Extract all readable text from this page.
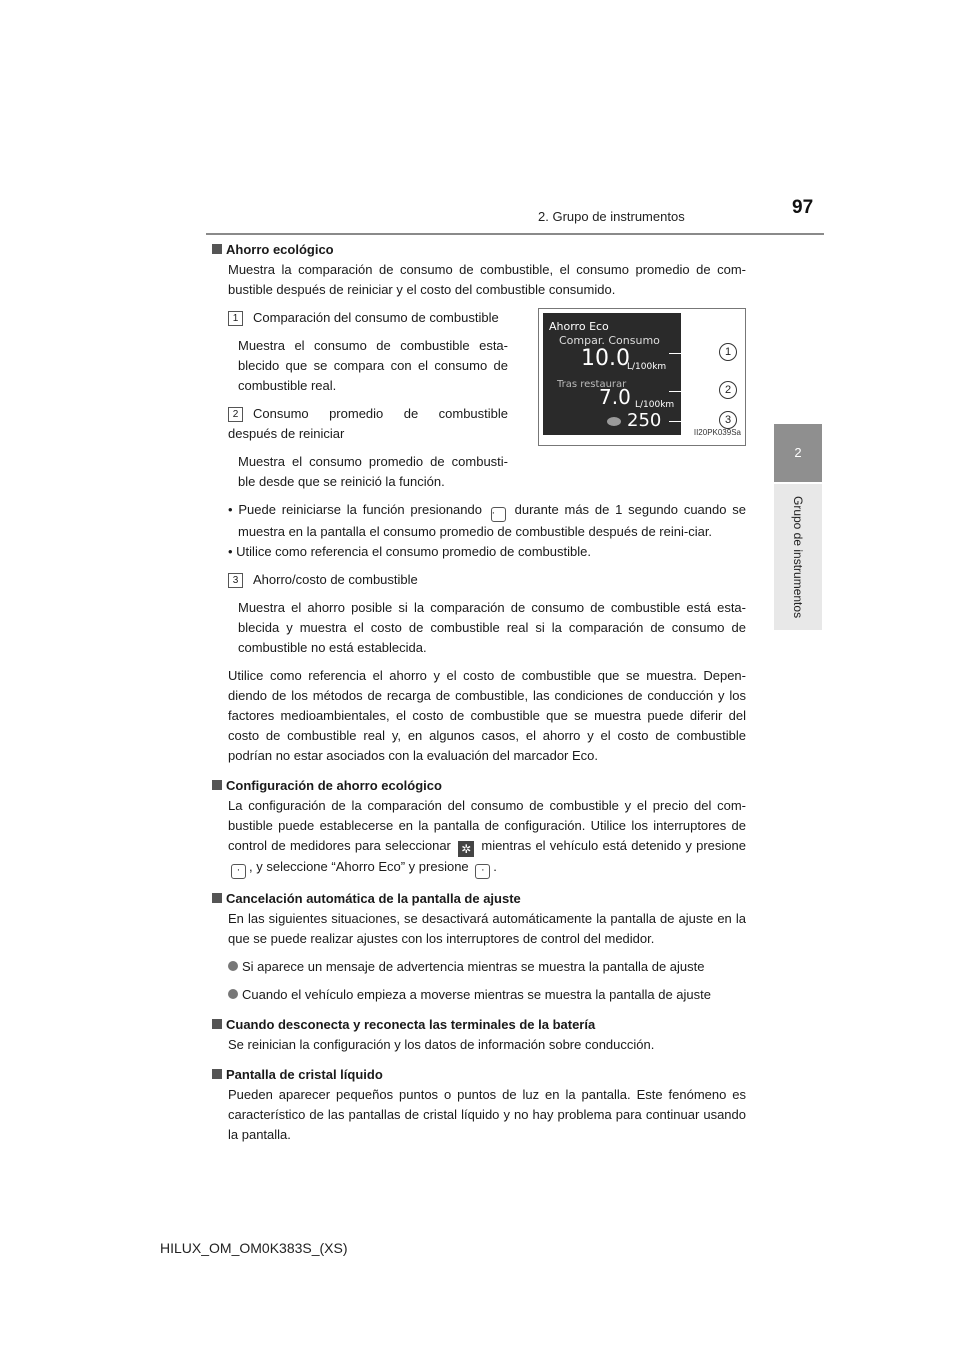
2. Grupo de instrumentos	97
2
Grupo de instrumentos

Ahorro ecológico

Muestra la comparación de consumo de combustible, el consumo promedio de com-bustible después de reiniciar y el costo del combustible consumido.

1 Comparación del consumo de combustible

Muestra el consumo de combustible esta-blecido que se compara con el consumo de combustible real.

2 Consumo promedio de combustible después de reiniciar

Muestra el consumo promedio de combusti-ble desde que se reinició la función.

Ahorro Eco
Compar. Consumo
10.0
L/100km
Tras restaurar
7.0 L/100km
250
1
2
3
II20PK039Sa

• Puede reiniciarse la función presionando · durante más de 1 segundo cuando se muestra en la pantalla el consumo promedio de combustible después de reini-ciar.

• Utilice como referencia el consumo promedio de combustible.

3 Ahorro/costo de combustible

Muestra el ahorro posible si la comparación de consumo de combustible está esta-blecida y muestra el costo de combustible real si la comparación de consumo de combustible no está establecida.

Utilice como referencia el ahorro y el costo de combustible que se muestra. Depen-diendo de los métodos de recarga de combustible, las condiciones de conducción y los factores medioambientales, el costo de combustible que se muestra puede diferir del costo de combustible real y, en algunos casos, el ahorro y el costo de combustible podrían no estar asociados con la evaluación del marcador Eco.

Configuración de ahorro ecológico

La configuración de la comparación del consumo de combustible y el precio del com-bustible puede establecerse en la pantalla de configuración. Utilice los interruptores de control de medidores para seleccionar ✲ mientras el vehículo está detenido y presione · , y seleccione “Ahorro Eco” y presione · .

Cancelación automática de la pantalla de ajuste

En las siguientes situaciones, se desactivará automáticamente la pantalla de ajuste en la que se puede realizar ajustes con los interruptores de control del medidor.

Si aparece un mensaje de advertencia mientras se muestra la pantalla de ajuste

Cuando el vehículo empieza a moverse mientras se muestra la pantalla de ajuste

Cuando desconecta y reconecta las terminales de la batería

Se reinician la configuración y los datos de información sobre conducción.

Pantalla de cristal líquido

Pueden aparecer pequeños puntos o puntos de luz en la pantalla. Este fenómeno es característico de las pantallas de cristal líquido y no hay problema para continuar usando la pantalla.

HILUX_OM_OM0K383S_(XS)
